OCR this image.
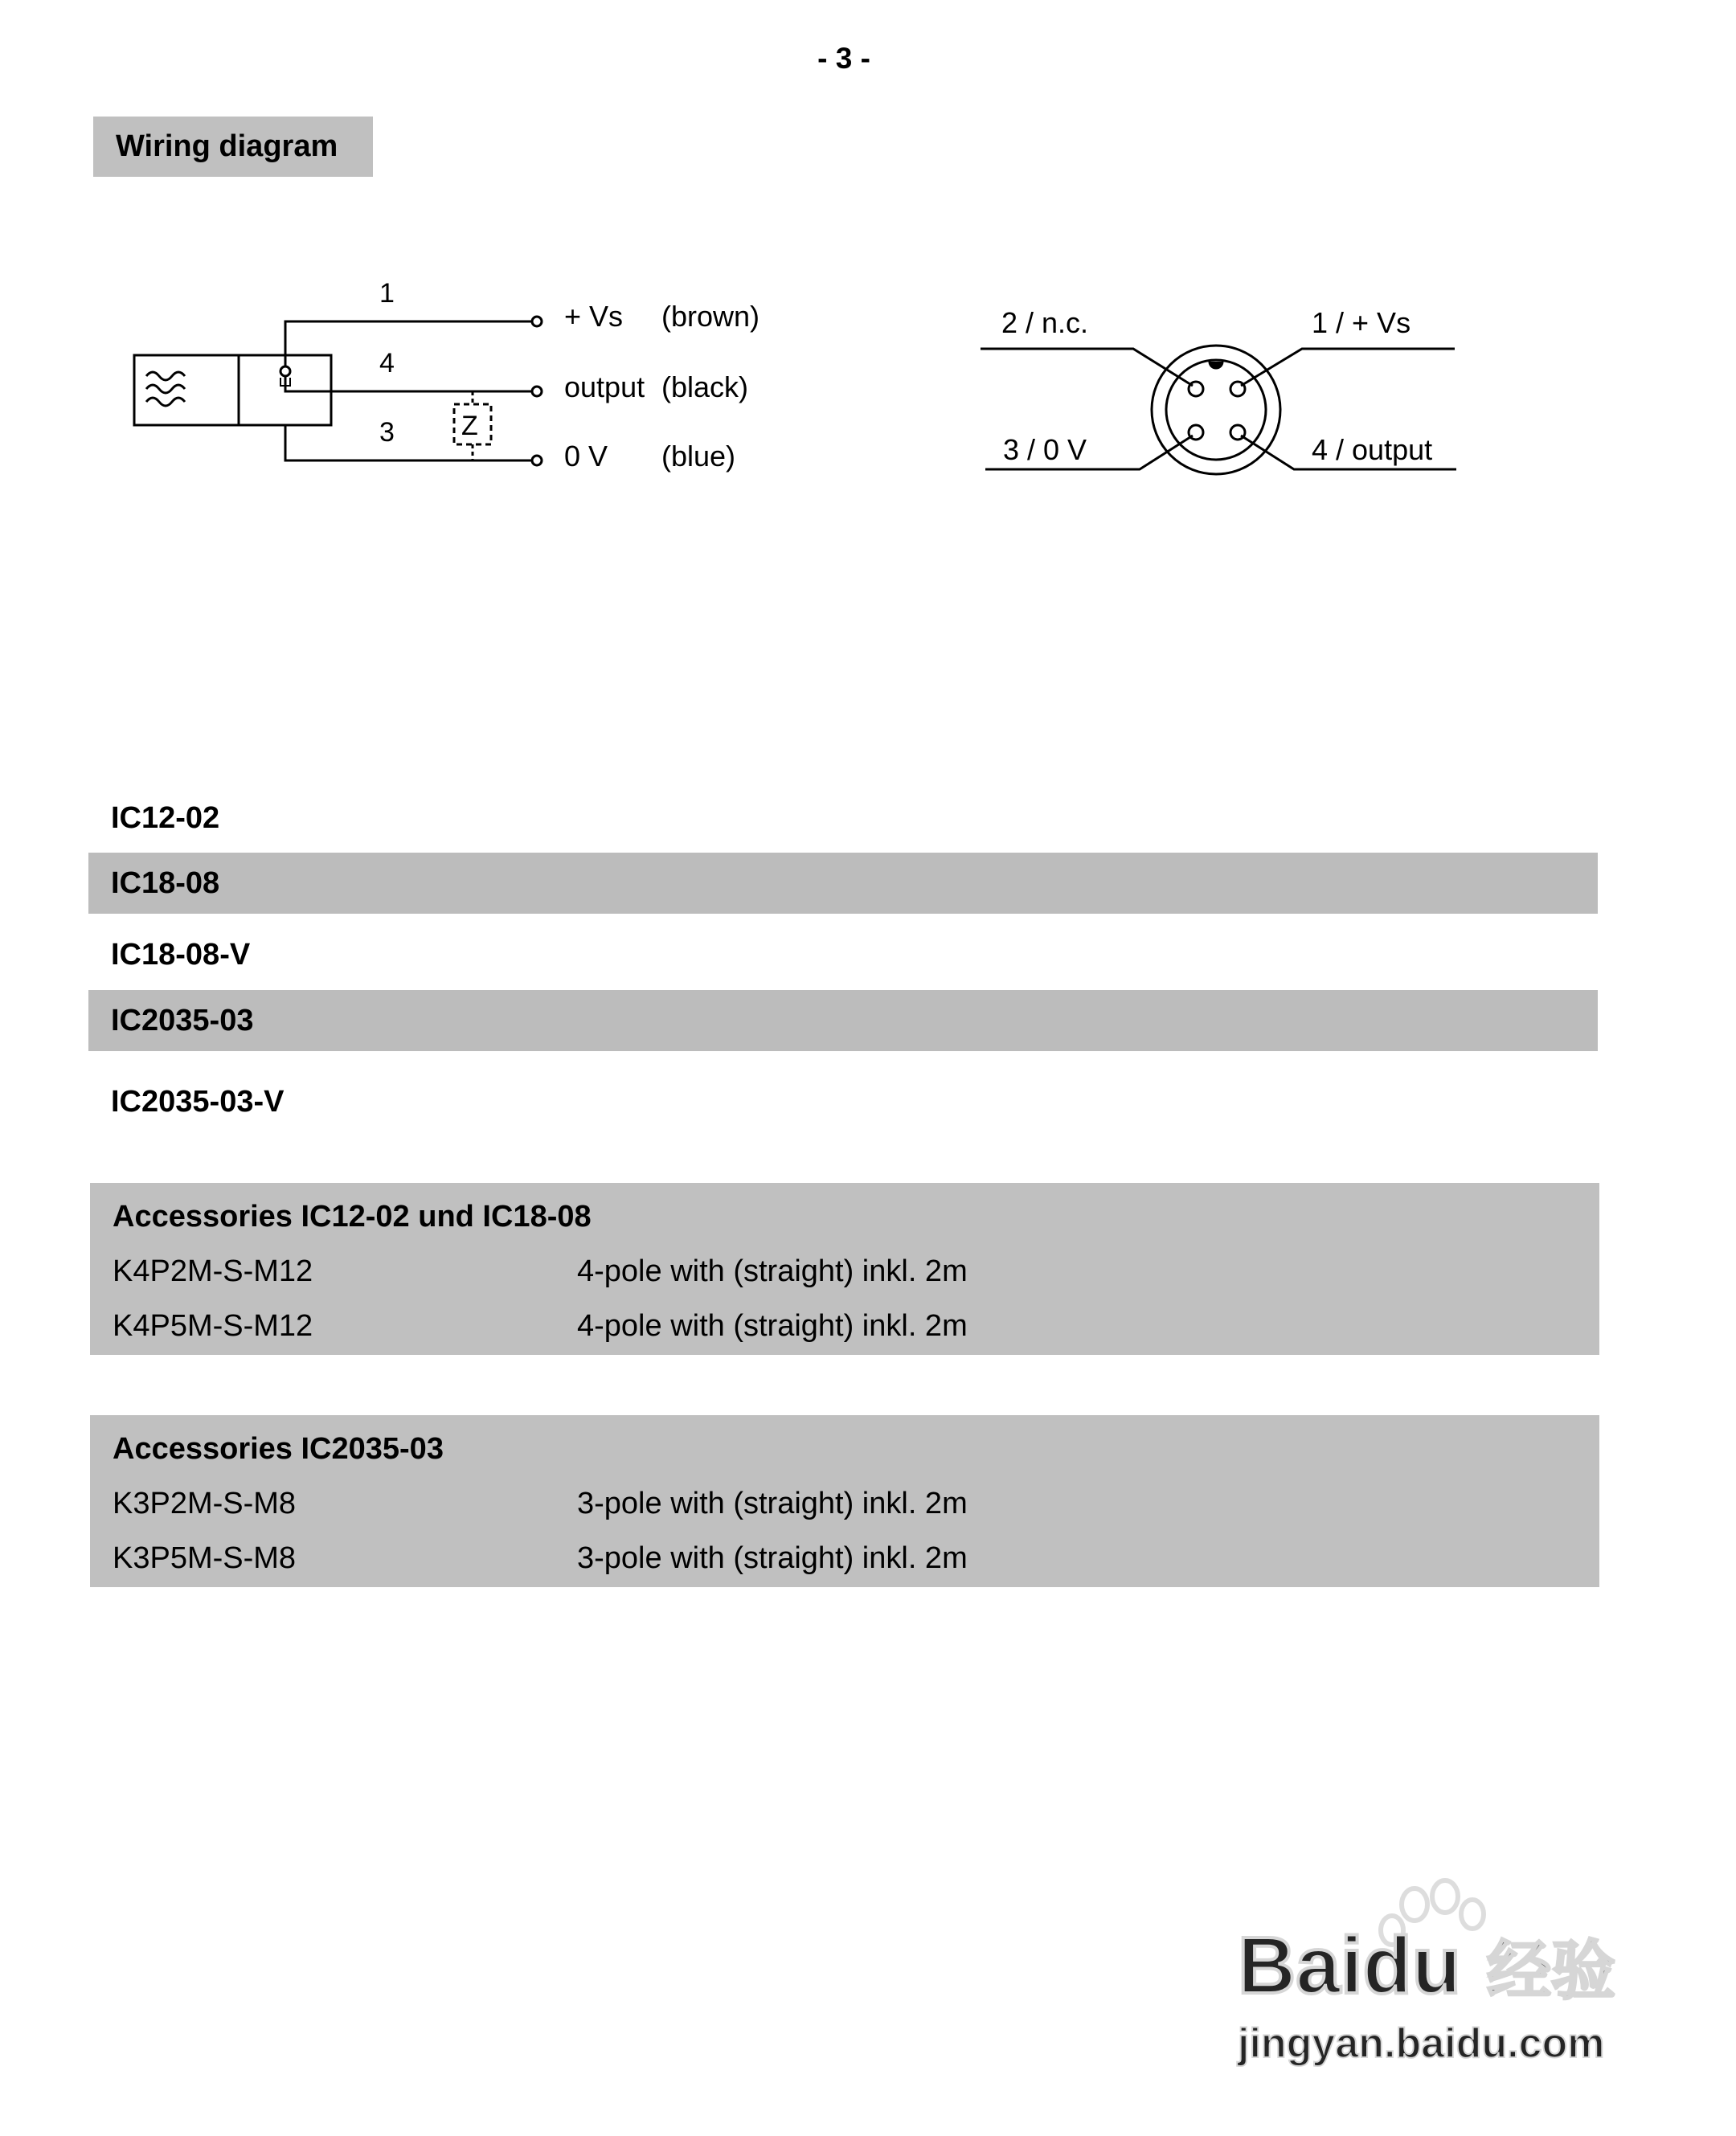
- 3 -
Wiring diagram
1
4
3 Z
+ Vs (brown)
output (black)
0 V (blue)
2 / n.c.	1 / + Vs
3 / 0 V	4 / output
IC12-02
IC18-08
IC18-08-V
IC2035-03
IC2035-03-V
Accessories IC12-02 und IC18-08
K4P2M-S-M12	4-pole with (straight) inkl. 2m
K4P5M-S-M12	4-pole with (straight) inkl. 2m
Accessories IC2035-03
K3P2M-S-M8	3-pole with (straight) inkl. 2m
K3P5M-S-M8	3-pole with (straight) inkl. 2m
Baidu 经验
jingyan.baidu.com
